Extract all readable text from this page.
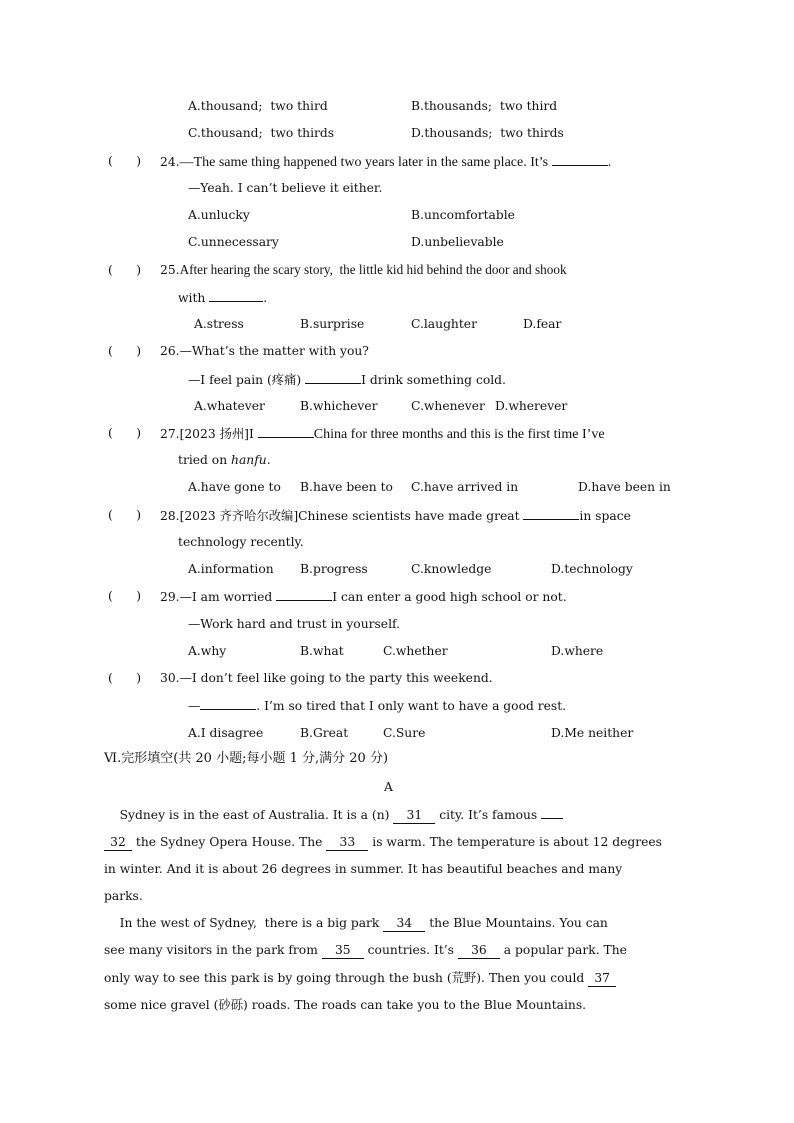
A.thousand;  two third	B.thousands;  two third
C.thousand;  two thirds	D.thousands;  two thirds
(      ) 24.—The same thing happened two years later in the same place. It’s	.
—Yeah. I can’t believe it either.
A.unlucky	B.uncomfortable
C.unnecessary	D.unbelievable
(      ) 25.After hearing the scary story,  the little kid hid behind the door and shook
with	.
A.stress	B.surprise	C.laughter	D.fear
(      ) 26.—What’s the matter with you?
—I feel pain (疼痛)	I drink something cold.
A.whatever	B.whichever	C.whenever D.wherever
(      ) 27.[2023 扬州]I	China for three months and this is the first time I’ve
tried on hanfu.
A.have gone to B.have been to C.have arrived in	D.have been in
(      ) 28.[2023 齐齐哈尔改编]Chinese scientists have made great	in space
technology recently.
A.information B.progress	C.knowledge	D.technology
(      ) 29.—I am worried	I can enter a good high school or not.
—Work hard and trust in yourself.
A.why	B.what	C.whether	D.where
(      ) 30.—I don’t feel like going to the party this weekend.
—	. I’m so tired that I only want to have a good rest.
A.I disagree	B.Great	C.Sure	D.Me neither
Ⅵ.完形填空(共 20 小题;每小题 1 分,满分 20 分)
A
Sydney is in the east of Australia. It is a (n) 31 city. It’s famous
32 the Sydney Opera House. The 33 is warm. The temperature is about 12 degrees
in winter. And it is about 26 degrees in summer. It has beautiful beaches and many
parks.
In the west of Sydney,  there is a big park 34 the Blue Mountains. You can
see many visitors in the park from 35 countries. It’s 36 a popular park. The
only way to see this park is by going through the bush (荒野). Then you could 37
some nice gravel (砂砾) roads. The roads can take you to the Blue Mountains.
